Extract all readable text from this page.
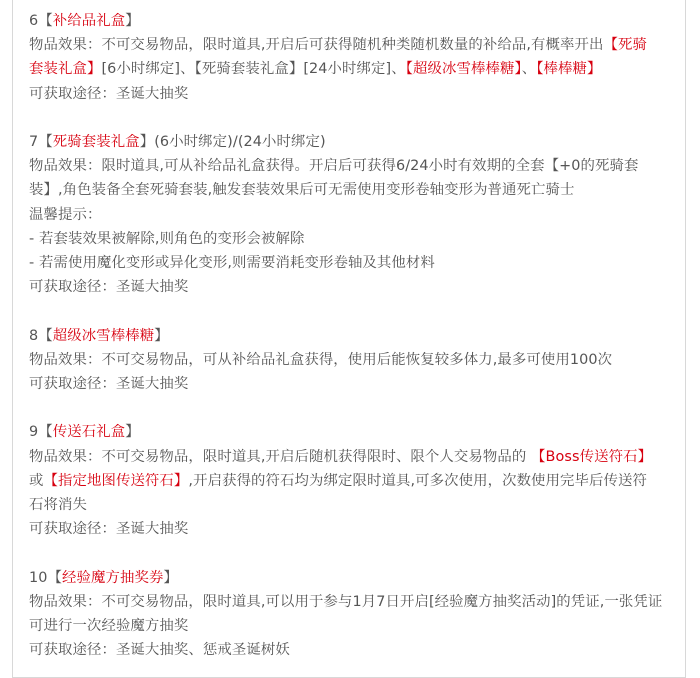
6【补给品礼盒】
物品效果：不可交易物品，限时道具,开启后可获得随机种类随机数量的补给品,有概率开出【死骑
套装礼盒】[6小时绑定]、【死骑套装礼盒】[24小时绑定]、【超级冰雪棒棒糖】、【棒棒糖】
可获取途径：圣诞大抽奖
7【死骑套装礼盒】(6小时绑定)/(24小时绑定)
物品效果：限时道具,可从补给品礼盒获得。开启后可获得6/24小时有效期的全套【+0的死骑套
装】,角色装备全套死骑套装,触发套装效果后可无需使用变形卷轴变形为普通死亡骑士
温馨提示：
- 若套装效果被解除,则角色的变形会被解除
- 若需使用魔化变形或异化变形,则需要消耗变形卷轴及其他材料
可获取途径：圣诞大抽奖
8【超级冰雪棒棒糖】
物品效果：不可交易物品，可从补给品礼盒获得，使用后能恢复较多体力,最多可使用100次
可获取途径：圣诞大抽奖
9【传送石礼盒】
物品效果：不可交易物品，限时道具,开启后随机获得限时、限个人交易物品的 【Boss传送符石】
或【指定地图传送符石】,开启获得的符石均为绑定限时道具,可多次使用，次数使用完毕后传送符
石将消失
可获取途径：圣诞大抽奖
10【经验魔方抽奖券】
物品效果：不可交易物品，限时道具,可以用于参与1月7日开启[经验魔方抽奖活动]的凭证,一张凭证
可进行一次经验魔方抽奖
可获取途径：圣诞大抽奖、惩戒圣诞树妖
